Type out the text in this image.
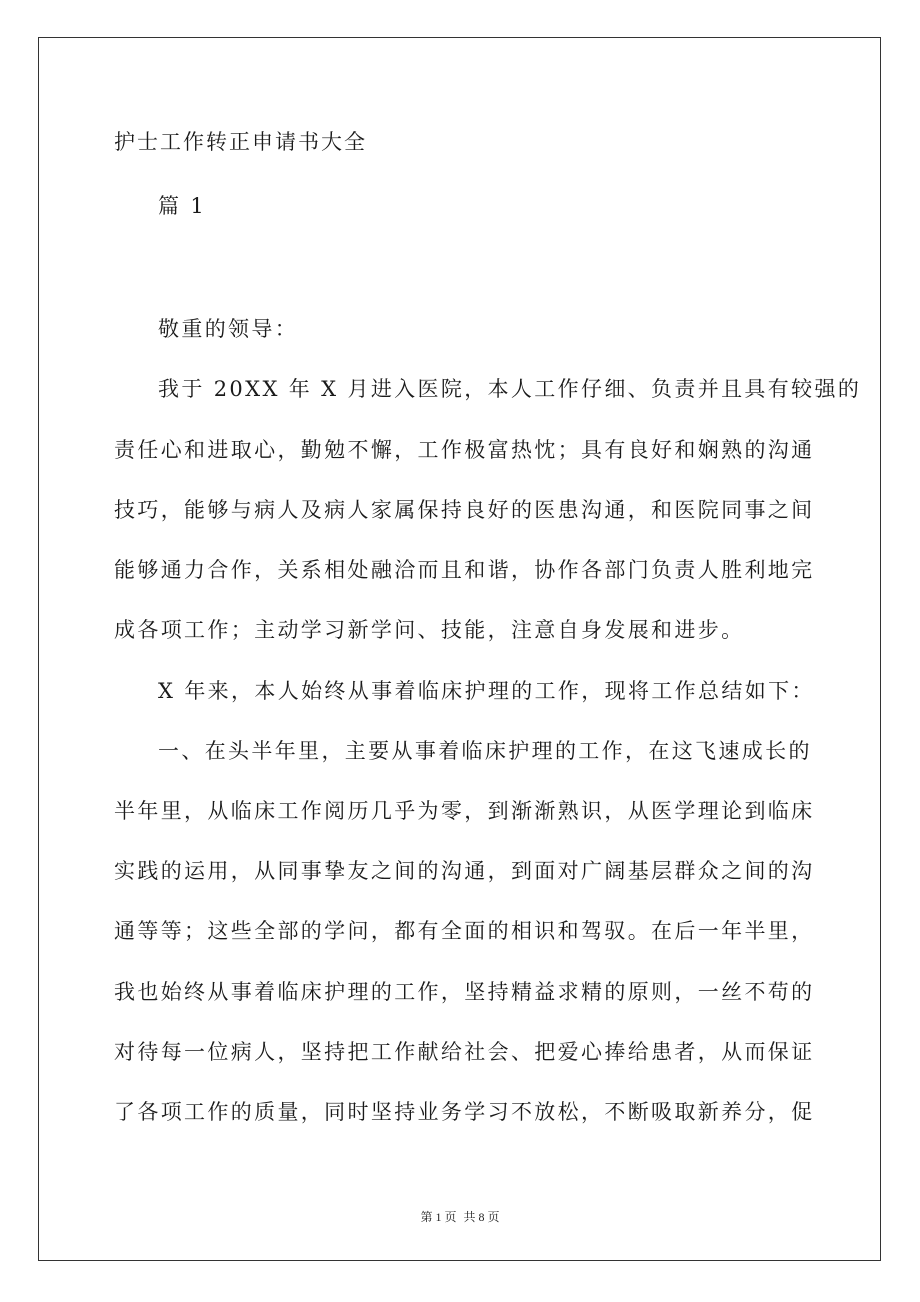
护士工作转正申请书大全
篇 1
敬重的领导：
我于 20XX 年 X 月进入医院，本人工作仔细、负责并且具有较强的
责任心和进取心，勤勉不懈，工作极富热忱；具有良好和娴熟的沟通
技巧，能够与病人及病人家属保持良好的医患沟通，和医院同事之间
能够通力合作，关系相处融洽而且和谐，协作各部门负责人胜利地完
成各项工作；主动学习新学问、技能，注意自身发展和进步。
X 年来，本人始终从事着临床护理的工作，现将工作总结如下：
一、在头半年里，主要从事着临床护理的工作，在这飞速成长的
半年里，从临床工作阅历几乎为零，到渐渐熟识，从医学理论到临床
实践的运用，从同事挚友之间的沟通，到面对广阔基层群众之间的沟
通等等；这些全部的学问，都有全面的相识和驾驭。在后一年半里，
我也始终从事着临床护理的工作，坚持精益求精的原则，一丝不苟的
对待每一位病人，坚持把工作献给社会、把爱心捧给患者，从而保证
了各项工作的质量，同时坚持业务学习不放松，不断吸取新养分，促
第 1 页 共 8 页
